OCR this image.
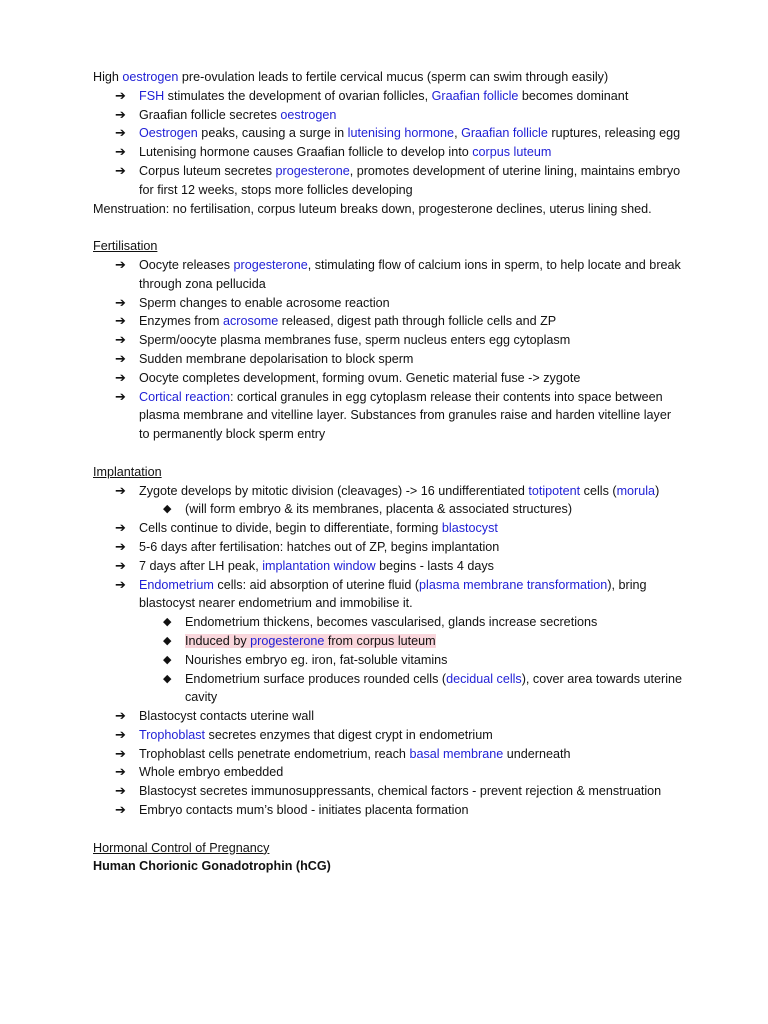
High oestrogen pre-ovulation leads to fertile cervical mucus (sperm can swim through easily)
➔ FSH stimulates the development of ovarian follicles, Graafian follicle becomes dominant
➔ Graafian follicle secretes oestrogen
➔ Oestrogen peaks, causing a surge in lutenising hormone, Graafian follicle ruptures, releasing egg
➔ Lutenising hormone causes Graafian follicle to develop into corpus luteum
➔ Corpus luteum secretes progesterone, promotes development of uterine lining, maintains embryo for first 12 weeks, stops more follicles developing
Menstruation: no fertilisation, corpus luteum breaks down, progesterone declines, uterus lining shed.
Fertilisation
➔ Oocyte releases progesterone, stimulating flow of calcium ions in sperm, to help locate and break through zona pellucida
➔ Sperm changes to enable acrosome reaction
➔ Enzymes from acrosome released, digest path through follicle cells and ZP
➔ Sperm/oocyte plasma membranes fuse, sperm nucleus enters egg cytoplasm
➔ Sudden membrane depolarisation to block sperm
➔ Oocyte completes development, forming ovum. Genetic material fuse -> zygote
➔ Cortical reaction: cortical granules in egg cytoplasm release their contents into space between plasma membrane and vitelline layer. Substances from granules raise and harden vitelline layer to permanently block sperm entry
Implantation
➔ Zygote develops by mitotic division (cleavages) -> 16 undifferentiated totipotent cells (morula)
◆ (will form embryo & its membranes, placenta & associated structures)
➔ Cells continue to divide, begin to differentiate, forming blastocyst
➔ 5-6 days after fertilisation: hatches out of ZP, begins implantation
➔ 7 days after LH peak, implantation window begins - lasts 4 days
➔ Endometrium cells: aid absorption of uterine fluid (plasma membrane transformation), bring blastocyst nearer endometrium and immobilise it.
◆ Endometrium thickens, becomes vascularised, glands increase secretions
◆ Induced by progesterone from corpus luteum
◆ Nourishes embryo eg. iron, fat-soluble vitamins
◆ Endometrium surface produces rounded cells (decidual cells), cover area towards uterine cavity
➔ Blastocyst contacts uterine wall
➔ Trophoblast secretes enzymes that digest crypt in endometrium
➔ Trophoblast cells penetrate endometrium, reach basal membrane underneath
➔ Whole embryo embedded
➔ Blastocyst secretes immunosuppressants, chemical factors - prevent rejection & menstruation
➔ Embryo contacts mum’s blood - initiates placenta formation
Hormonal Control of Pregnancy
Human Chorionic Gonadotrophin (hCG)
